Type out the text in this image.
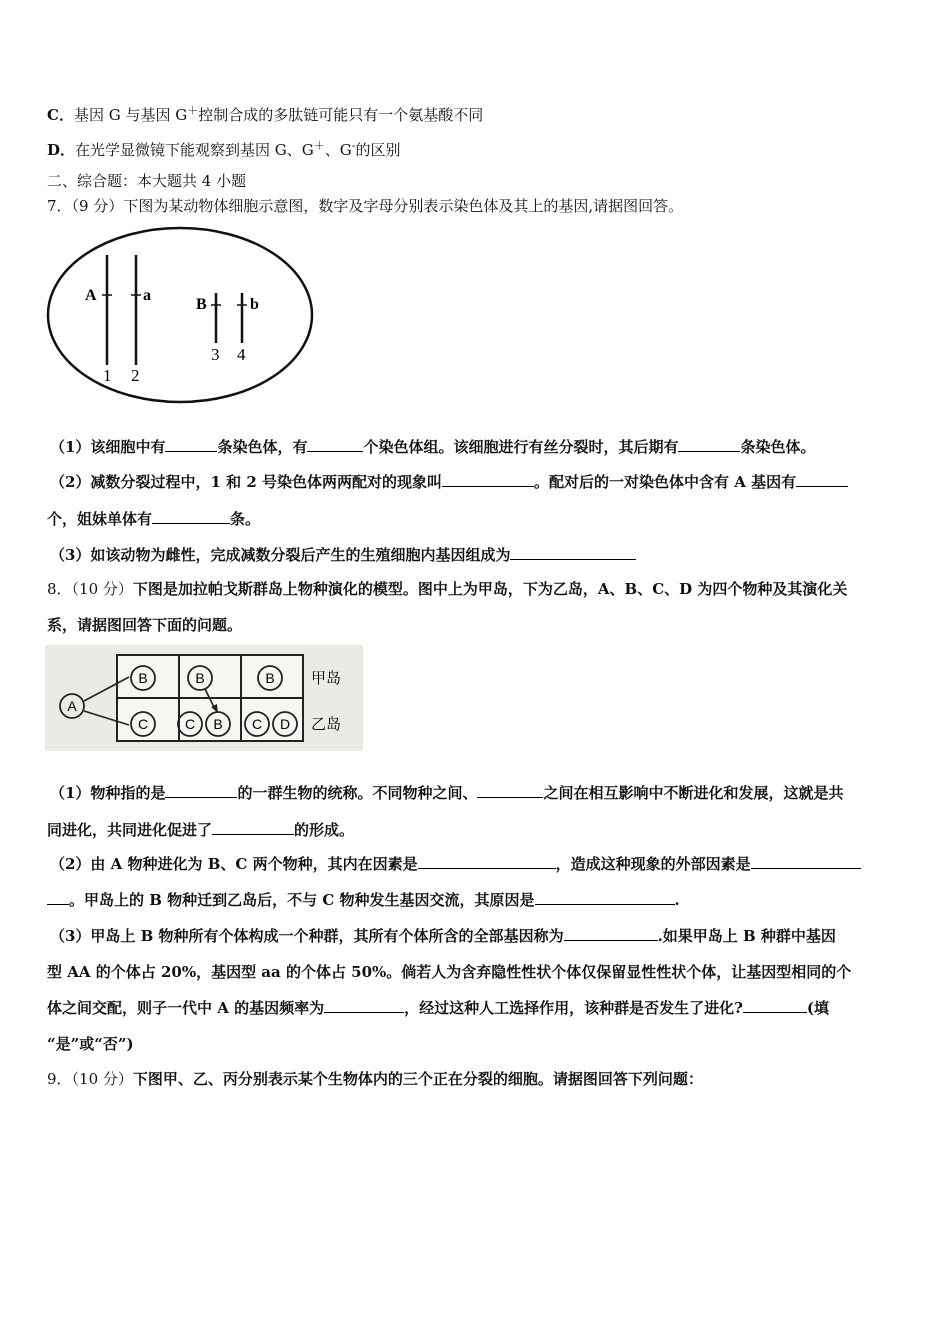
C．基因 G 与基因 G＋控制合成的多肽链可能只有一个氨基酸不同
D．在光学显微镜下能观察到基因 G、G＋、G-的区别
二、综合题：本大题共 4 小题
7．（9 分）下图为某动物体细胞示意图，数字及字母分别表示染色体及其上的基因,请据图回答。
A	a
B	b
1 2
3 4
（1）该细胞中有	条染色体，有	个染色体组。该细胞进行有丝分裂时，其后期有	条染色体。
（2）减数分裂过程中，1 和 2 号染色体两两配对的现象叫	。配对后的一对染色体中含有 A 基因有
个，姐妹单体有	条。
（3）如该动物为雌性，完成减数分裂后产生的生殖细胞内基因组成为
8．（10 分）下图是加拉帕戈斯群岛上物种演化的模型。图中上为甲岛，下为乙岛，A、B、C、D 为四个物种及其演化关
系，请据图回答下面的问题。
A
B	B	B
C	C B C D
甲岛
乙岛
（1）物种指的是	的一群生物的统称。不同物种之间、	之间在相互影响中不断进化和发展，这就是共
同进化，共同进化促进了	的形成。
（2）由 A 物种进化为 B、C 两个物种，其内在因素是	，造成这种现象的外部因素是
。甲岛上的 B 物种迁到乙岛后，不与 C 物种发生基因交流，其原因是	.
（3）甲岛上 B 物种所有个体构成一个种群，其所有个体所含的全部基因称为	.如果甲岛上 B 种群中基因
型 AA 的个体占 20%，基因型 aa 的个体占 50%。倘若人为含弃隐性性状个体仅保留显性性状个体，让基因型相同的个
体之间交配，则子一代中 A 的基因频率为	，经过这种人工选择作用，该种群是否发生了进化?	(填
“是”或“否”)
9．（10 分）下图甲、乙、丙分别表示某个生物体内的三个正在分裂的细胞。请据图回答下列问题：
